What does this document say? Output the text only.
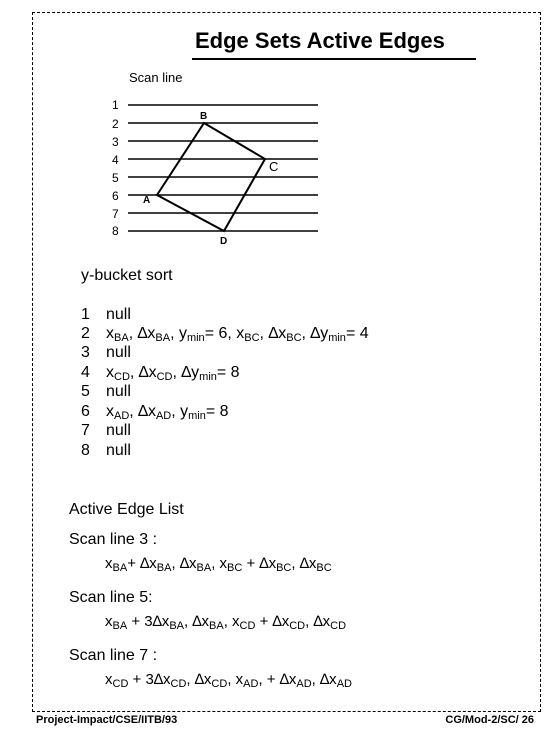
Edge Sets Active Edges
Scan line
1
2
3
4
5
6
7
8
B
C
A
D
y-bucket sort
1 null
2 $x_{BA}$, $\Delta x_{BA}$, $y_{min}= 6$, $x_{BC}$, $\Delta x_{BC}$, $\Delta y_{min}= 4$
3 null
4 $x_{CD}$, $\Delta x_{CD}$, $\Delta y_{min}= 8$
5 null
6 $x_{AD}$, $\Delta x_{AD}$, $y_{min}= 8$
7 null
8 null
Active Edge List
Scan line 3 :
$x_{BA}+ \Delta x_{BA}$, $\Delta x_{BA}$, $x_{BC} + \Delta x_{BC}$, $\Delta x_{BC}$
Scan line 5:
$x_{BA} + 3\Delta x_{BA}$, $\Delta x_{BA}$, $x_{CD} + \Delta x_{CD}$, $\Delta x_{CD}$
Scan line 7 :
$x_{CD} + 3\Delta x_{CD}$, $\Delta x_{CD}$, $x_{AD}$, + $\Delta x_{AD}$, $\Delta x_{AD}$
Project-Impact/CSE/IITB/93	CG/Mod-2/SC/ 26
